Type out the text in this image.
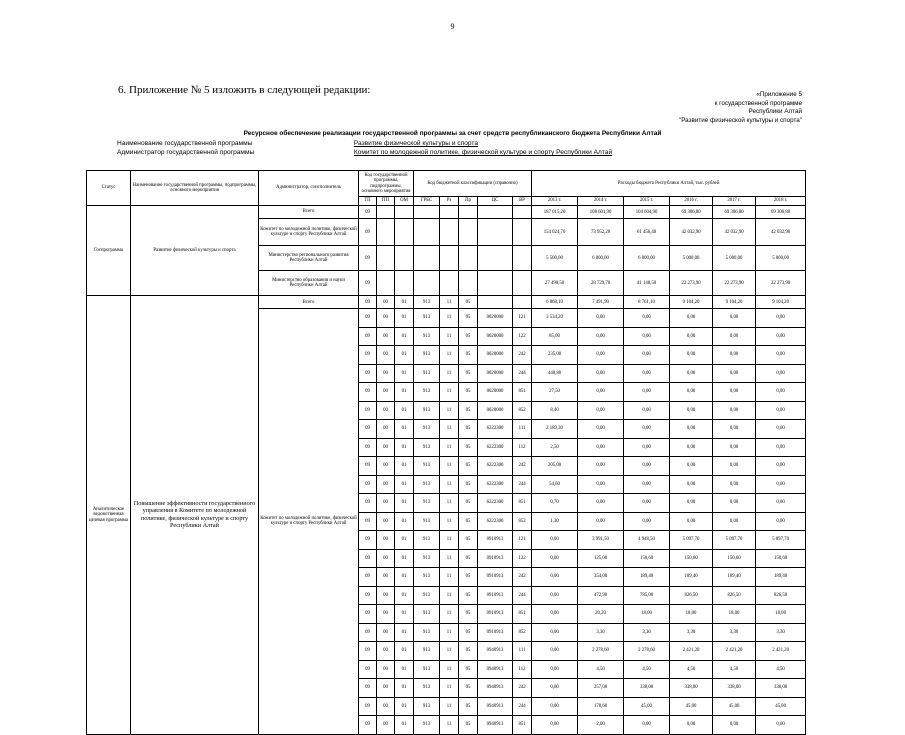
9
6. Приложение № 5 изложить в следующей редакции:	«Приложение 5
к государственной программе
Республики Алтай
"Развитие физической культуры и спорта"
Ресурсное обеспечение реализации государственной программы за счет средств республиканского бюджета Республики Алтай
Наименование государственной программы	Развитие физической культуры и спорта
Администратор государственной программы	Комитет по молодежной политике, физической культуре и спорту Республики Алтай
Статус	Наименование государственной программы, подпрограммы, основного мероприятия	Администратор, соисполнитель	Код государственной программы, подпрограммы, основного мероприятия			Код бюджетной классификации (справочно)					Расходы бюджета Республики Алтай, тыс. рублей					
			ГП	ПП	ОМ	ГРБС	Рз	Пр	ЦС	ВР	2013 г.	2014 г.	2015 г.	2016 г.	2017 г.	2018 г.
Госпрограмма	Развитие физической культуры и спорта	Всего	09								187 015,20	108 601,90	104 604,90	69 306,80	69 306,80	69 306,80
		Комитет по молодежной политике, физической культуре и спорту Республики Алтай	09								154 024,70	73 952,20	61 456,40	42 032,90	42 032,90	42 032,90
		Министерство регионального развития Республики Алтай	09								5 500,00	6 000,00	6 000,00	5 000,00	5 000,00	5 000,00
		Министерство образования и науки Республики Алтай	09								27 490,50	28 729,70	41 148,50	22 273,90	22 273,90	22 273,90
Аналитическое ведомственная целевая программа	Повышение эффективности государственного управления в Комитете по молодежной политике, физической культуре и спорту Республики Алтай	Всего	09	00	01	913	11	05			6 868,10	7 491,90	8 761,10	9 104,20	9 104,20	9 104,20
		Комитет по молодежной политике, физической культуре и спорту Республики Алтай	09	00	01	913	11	05	0020000	121	3 534,20	0,00	0,00	0,00	0,00	0,00
			09	00	01	913	11	05	0020000	122	85,00	0,00	0,00	0,00	0,00	0,00
			09	00	01	913	11	05	0020000	242	235,00	0,00	0,00	0,00	0,00	0,00
			09	00	01	913	11	05	0020000	244	440,80	0,00	0,00	0,00	0,00	0,00
			09	00	01	913	11	05	0020000	851	27,50	0,00	0,00	0,00	0,00	0,00
			09	00	01	913	11	05	0020000	852	8,40	0,00	0,00	0,00	0,00	0,00
			09	00	01	913	11	05	6222300	111	2 189,30	0,00	0,00	0,00	0,00	0,00
			09	00	01	913	11	05	6222300	112	2,50	0,00	0,00	0,00	0,00	0,00
			09	00	01	913	11	05	6222300	242	205,00	0,00	0,00	0,00	0,00	0,00
			09	00	01	913	11	05	6222300	244	54,60	0,00	0,00	0,00	0,00	0,00
			09	00	01	913	11	05	6222300	851	0,70	0,00	0,00	0,00	0,00	0,00
			09	00	01	913	11	05	6222300	852	1,30	0,00	0,00	0,00	0,00	0,00
			09	00	01	913	11	05	0910913	121	0,00	3 991,50	4 948,50	5 097,70	5 097,70	5 097,70
			09	00	01	913	11	05	0910913	122	0,00	125,00	150,60	150,60	150,60	150,60
			09	00	01	913	11	05	0910913	242	0,00	354,00	189,40	189,40	189,40	189,40
			09	00	01	913	11	05	0910913	244	0,00	472,90	785,00	826,50	826,50	826,50
			09	00	01	913	11	05	0910913	851	0,00	20,20	18,00	18,00	18,00	18,00
			09	00	01	913	11	05	0910913	852	0,00	3,30	3,30	3,30	3,30	3,30
			09	00	01	913	11	05	0940913	111	0,00	2 278,60	2 278,60	2 421,20	2 421,20	2 421,20
			09	00	01	913	11	05	0940913	112	0,00	4,50	4,50	4,50	4,50	4,50
			09	00	01	913	11	05	0940913	242	0,00	257,00	338,00	338,00	338,00	338,00
			09	00	01	913	11	05	0940913	244	0,00	178,60	45,00	45,00	45,00	45,00
			09	00	01	913	11	05	0940913	851	0,00	2,00	0,00	0,00	0,00	0,00
